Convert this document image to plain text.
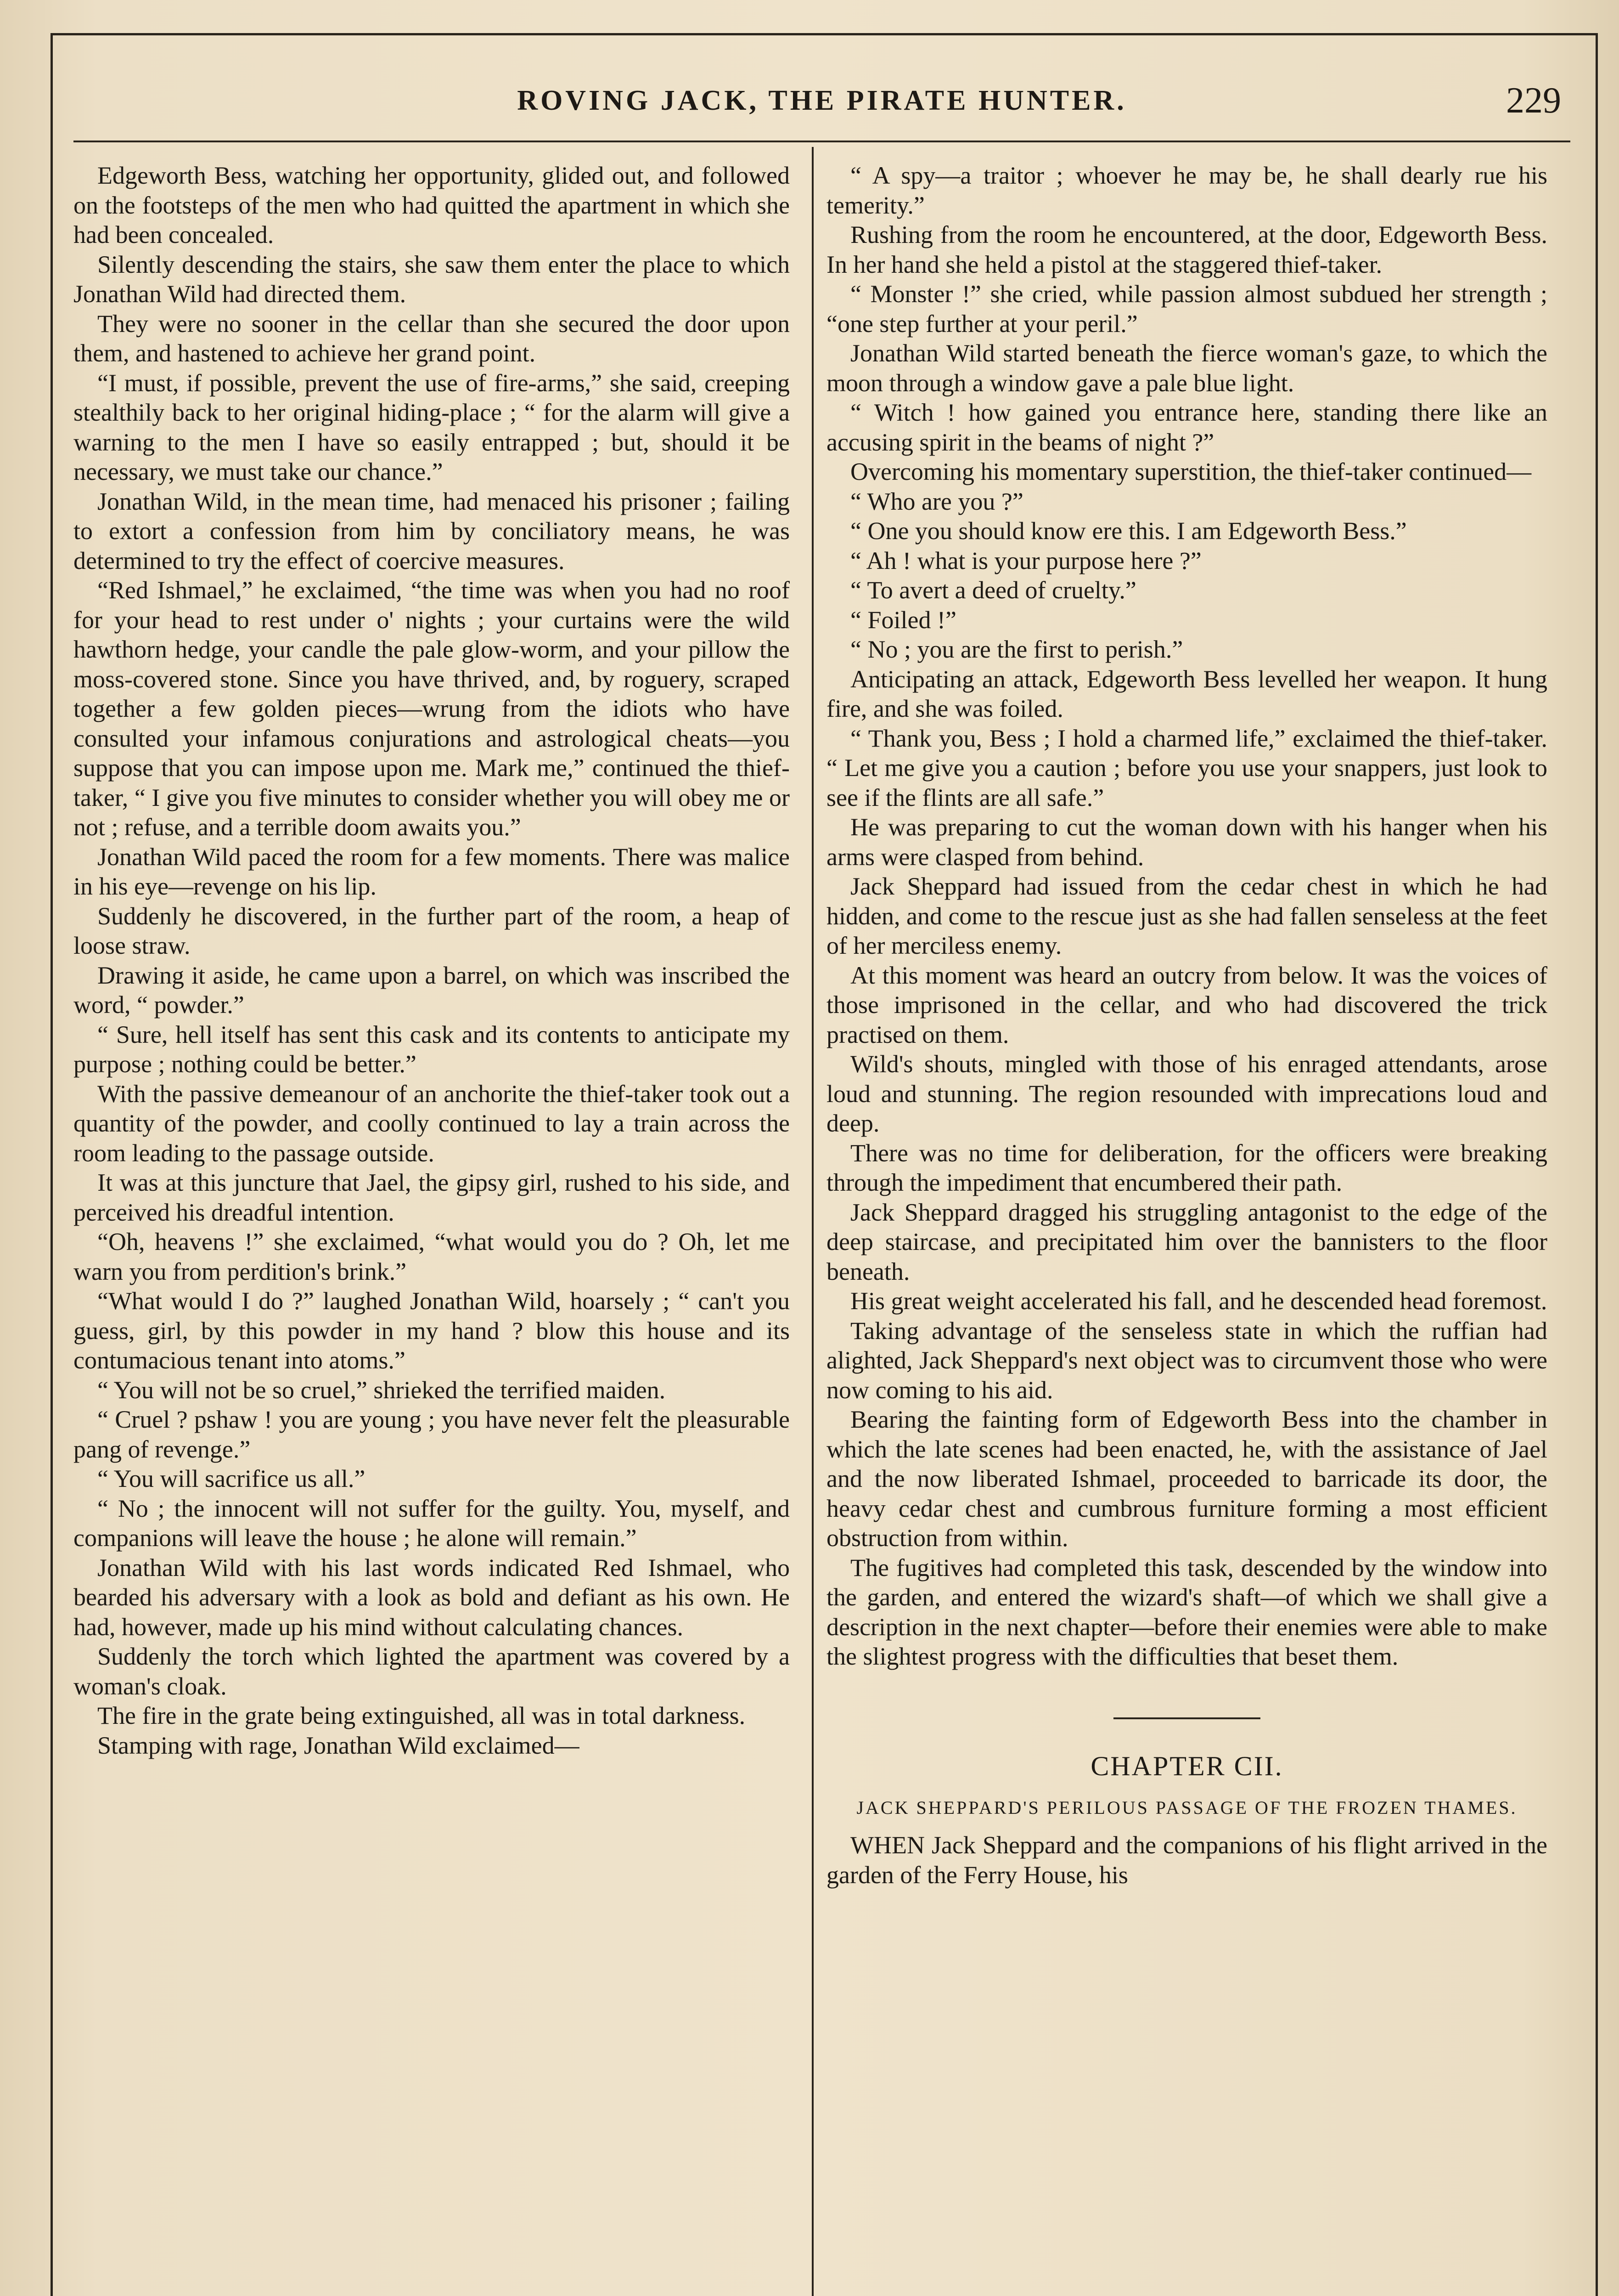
ROVING JACK, THE PIRATE HUNTER.	229

Edgeworth Bess, watching her opportunity, glided out, and followed on the footsteps of the men who had quitted the apartment in which she had been concealed.

Silently descending the stairs, she saw them enter the place to which Jonathan Wild had directed them.

They were no sooner in the cellar than she secured the door upon them, and hastened to achieve her grand point.

“I must, if possible, prevent the use of fire-arms,” she said, creeping stealthily back to her original hiding-place ; “ for the alarm will give a warning to the men I have so easily entrapped ; but, should it be necessary, we must take our chance.”

Jonathan Wild, in the mean time, had menaced his prisoner ; failing to extort a confession from him by conciliatory means, he was determined to try the effect of coercive measures.

“Red Ishmael,” he exclaimed, “the time was when you had no roof for your head to rest under o' nights ; your curtains were the wild hawthorn hedge, your candle the pale glow-worm, and your pillow the moss-covered stone. Since you have thrived, and, by roguery, scraped together a few golden pieces—wrung from the idiots who have consulted your infamous conjurations and astrological cheats—you suppose that you can impose upon me. Mark me,” continued the thief-taker, “ I give you five minutes to consider whether you will obey me or not ; refuse, and a terrible doom awaits you.”

Jonathan Wild paced the room for a few moments. There was malice in his eye—revenge on his lip.

Suddenly he discovered, in the further part of the room, a heap of loose straw.

Drawing it aside, he came upon a barrel, on which was inscribed the word, “ powder.”

“ Sure, hell itself has sent this cask and its contents to anticipate my purpose ; nothing could be better.”

With the passive demeanour of an anchorite the thief-taker took out a quantity of the powder, and coolly continued to lay a train across the room leading to the passage outside.

It was at this juncture that Jael, the gipsy girl, rushed to his side, and perceived his dreadful intention.

“Oh, heavens !” she exclaimed, “what would you do ? Oh, let me warn you from perdition's brink.”

“What would I do ?” laughed Jonathan Wild, hoarsely ; “ can't you guess, girl, by this powder in my hand ? blow this house and its contumacious tenant into atoms.”

“ You will not be so cruel,” shrieked the terrified maiden.

“ Cruel ? pshaw ! you are young ; you have never felt the pleasurable pang of revenge.”

“ You will sacrifice us all.”

“ No ; the innocent will not suffer for the guilty. You, myself, and companions will leave the house ; he alone will remain.”

Jonathan Wild with his last words indicated Red Ishmael, who bearded his adversary with a look as bold and defiant as his own. He had, however, made up his mind without calculating chances.

Suddenly the torch which lighted the apartment was covered by a woman's cloak.

The fire in the grate being extinguished, all was in total darkness.

Stamping with rage, Jonathan Wild exclaimed—

“ A spy—a traitor ; whoever he may be, he shall dearly rue his temerity.”

Rushing from the room he encountered, at the door, Edgeworth Bess. In her hand she held a pistol at the staggered thief-taker.

“ Monster !” she cried, while passion almost subdued her strength ; “one step further at your peril.”

Jonathan Wild started beneath the fierce woman's gaze, to which the moon through a window gave a pale blue light.

“ Witch ! how gained you entrance here, standing there like an accusing spirit in the beams of night ?”

Overcoming his momentary superstition, the thief-taker continued—

“ Who are you ?”

“ One you should know ere this. I am Edgeworth Bess.”

“ Ah ! what is your purpose here ?”

“ To avert a deed of cruelty.”

“ Foiled !”

“ No ; you are the first to perish.”

Anticipating an attack, Edgeworth Bess levelled her weapon. It hung fire, and she was foiled.

“ Thank you, Bess ; I hold a charmed life,” exclaimed the thief-taker. “ Let me give you a caution ; before you use your snappers, just look to see if the flints are all safe.”

He was preparing to cut the woman down with his hanger when his arms were clasped from behind.

Jack Sheppard had issued from the cedar chest in which he had hidden, and come to the rescue just as she had fallen senseless at the feet of her merciless enemy.

At this moment was heard an outcry from below. It was the voices of those imprisoned in the cellar, and who had discovered the trick practised on them.

Wild's shouts, mingled with those of his enraged attendants, arose loud and stunning. The region resounded with imprecations loud and deep.

There was no time for deliberation, for the officers were breaking through the impediment that encumbered their path.

Jack Sheppard dragged his struggling antagonist to the edge of the deep staircase, and precipitated him over the bannisters to the floor beneath.

His great weight accelerated his fall, and he descended head foremost.

Taking advantage of the senseless state in which the ruffian had alighted, Jack Sheppard's next object was to circumvent those who were now coming to his aid.

Bearing the fainting form of Edgeworth Bess into the chamber in which the late scenes had been enacted, he, with the assistance of Jael and the now liberated Ishmael, proceeded to barricade its door, the heavy cedar chest and cumbrous furniture forming a most efficient obstruction from within.

The fugitives had completed this task, descended by the window into the garden, and entered the wizard's shaft—of which we shall give a description in the next chapter—before their enemies were able to make the slightest progress with the difficulties that beset them.

CHAPTER CII.
JACK SHEPPARD'S PERILOUS PASSAGE OF THE FROZEN THAMES.

WHEN Jack Sheppard and the companions of his flight arrived in the garden of the Ferry House, his
